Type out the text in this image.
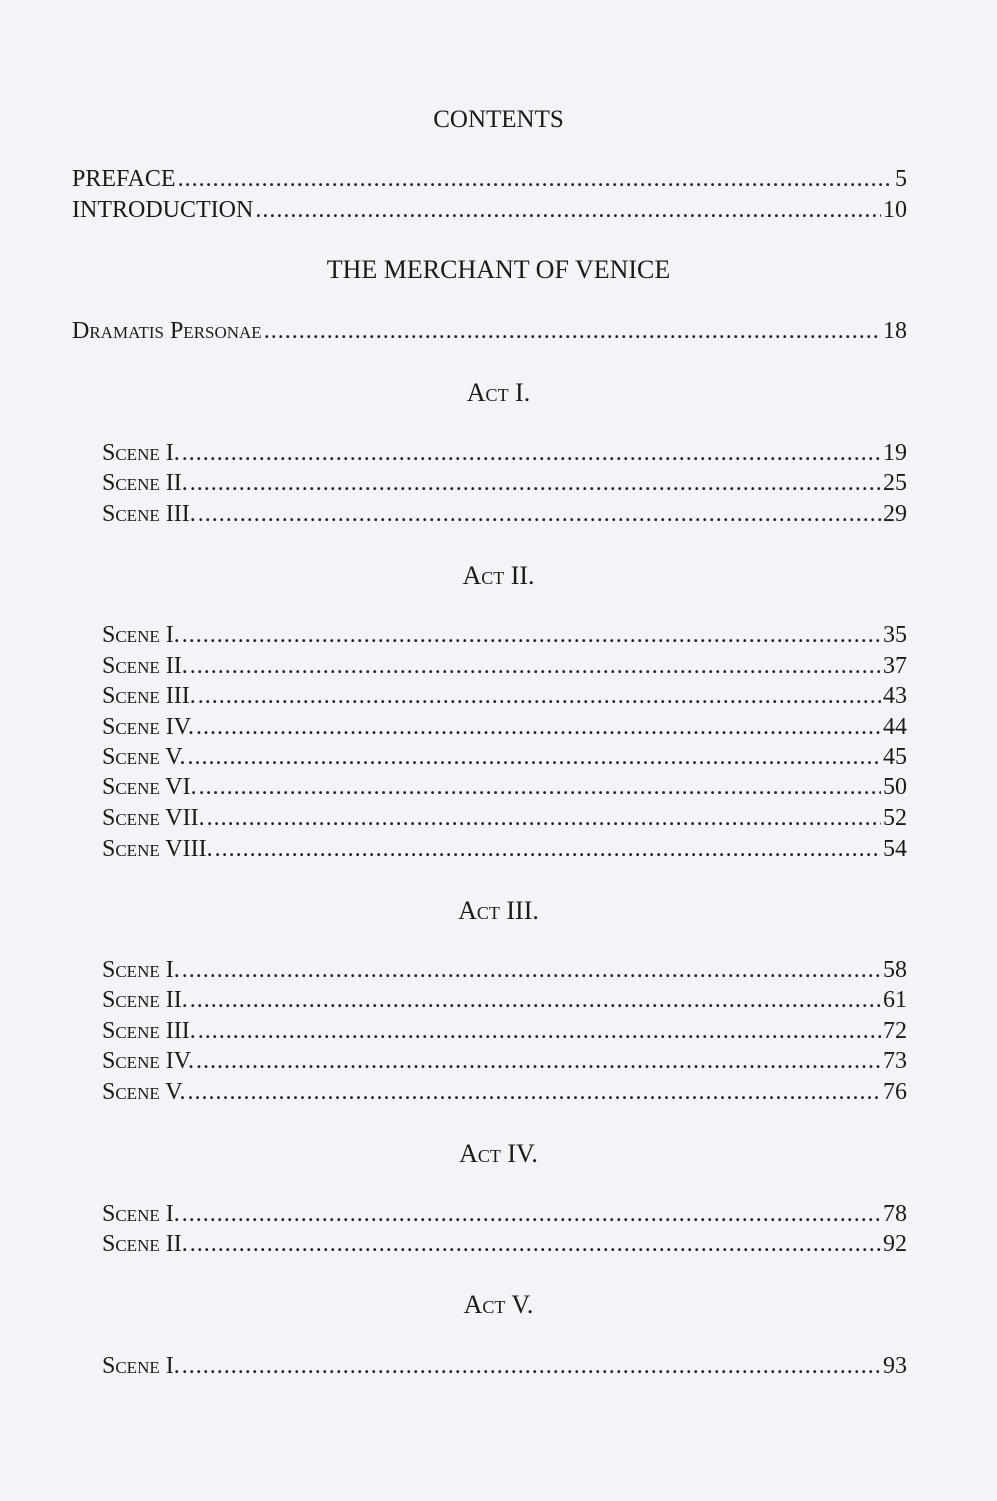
CONTENTS
PREFACE .....	5
INTRODUCTION .....	10
THE MERCHANT OF VENICE
Dramatis Personae .....	18
Act I.
Scene I. .....	19
Scene II. .....	25
Scene III. .....	29
Act II.
Scene I. .....	35
Scene II. .....	37
Scene III. .....	43
Scene IV. .....	44
Scene V. .....	45
Scene VI. .....	50
Scene VII. .....	52
Scene VIII. .....	54
Act III.
Scene I. .....	58
Scene II. .....	61
Scene III. .....	72
Scene IV. .....	73
Scene V. .....	76
Act IV.
Scene I. .....	78
Scene II. .....	92
Act V.
Scene I. .....	93
